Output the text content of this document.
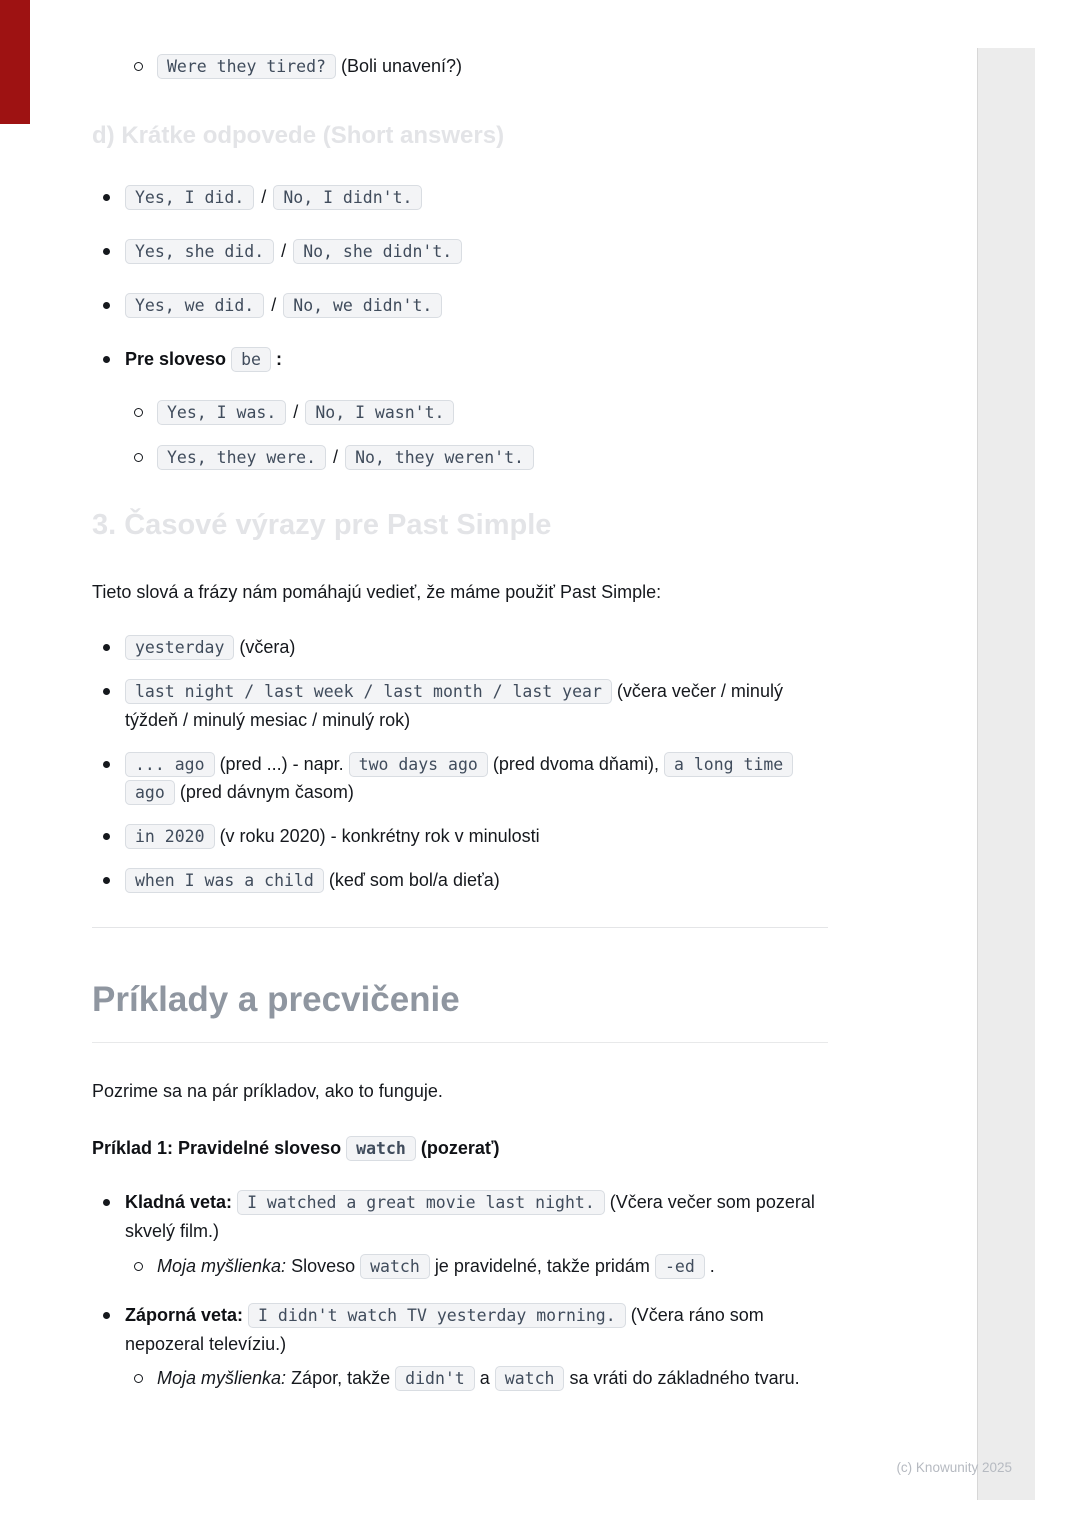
Were they tired? (Boli unavení?)
d) Krátke odpovede (Short answers)
Yes, I did. / No, I didn't.
Yes, she did. / No, she didn't.
Yes, we did. / No, we didn't.
Pre sloveso be :
Yes, I was. / No, I wasn't.
Yes, they were. / No, they weren't.
3. Časové výrazy pre Past Simple

Tieto slová a frázy nám pomáhajú vedieť, že máme použiť Past Simple:

yesterday (včera)
last night / last week / last month / last year (včera večer / minulý týždeň / minulý mesiac / minulý rok)
... ago (pred ...) - napr. two days ago (pred dvoma dňami), a long time ago (pred dávnym časom)
in 2020 (v roku 2020) - konkrétny rok v minulosti
when I was a child (keď som bol/a dieťa)
Príklady a precvičenie

Pozrime sa na pár príkladov, ako to funguje.

Príklad 1: Pravidelné sloveso watch (pozerať)

Kladná veta: I watched a great movie last night. (Včera večer som pozeral skvelý film.)
Moja myšlienka: Sloveso watch je pravidelné, takže pridám -ed .
Záporná veta: I didn't watch TV yesterday morning. (Včera ráno som nepozeral televíziu.)
Moja myšlienka: Zápor, takže didn't a watch sa vráti do základného tvaru.
(c) Knowunity 2025
